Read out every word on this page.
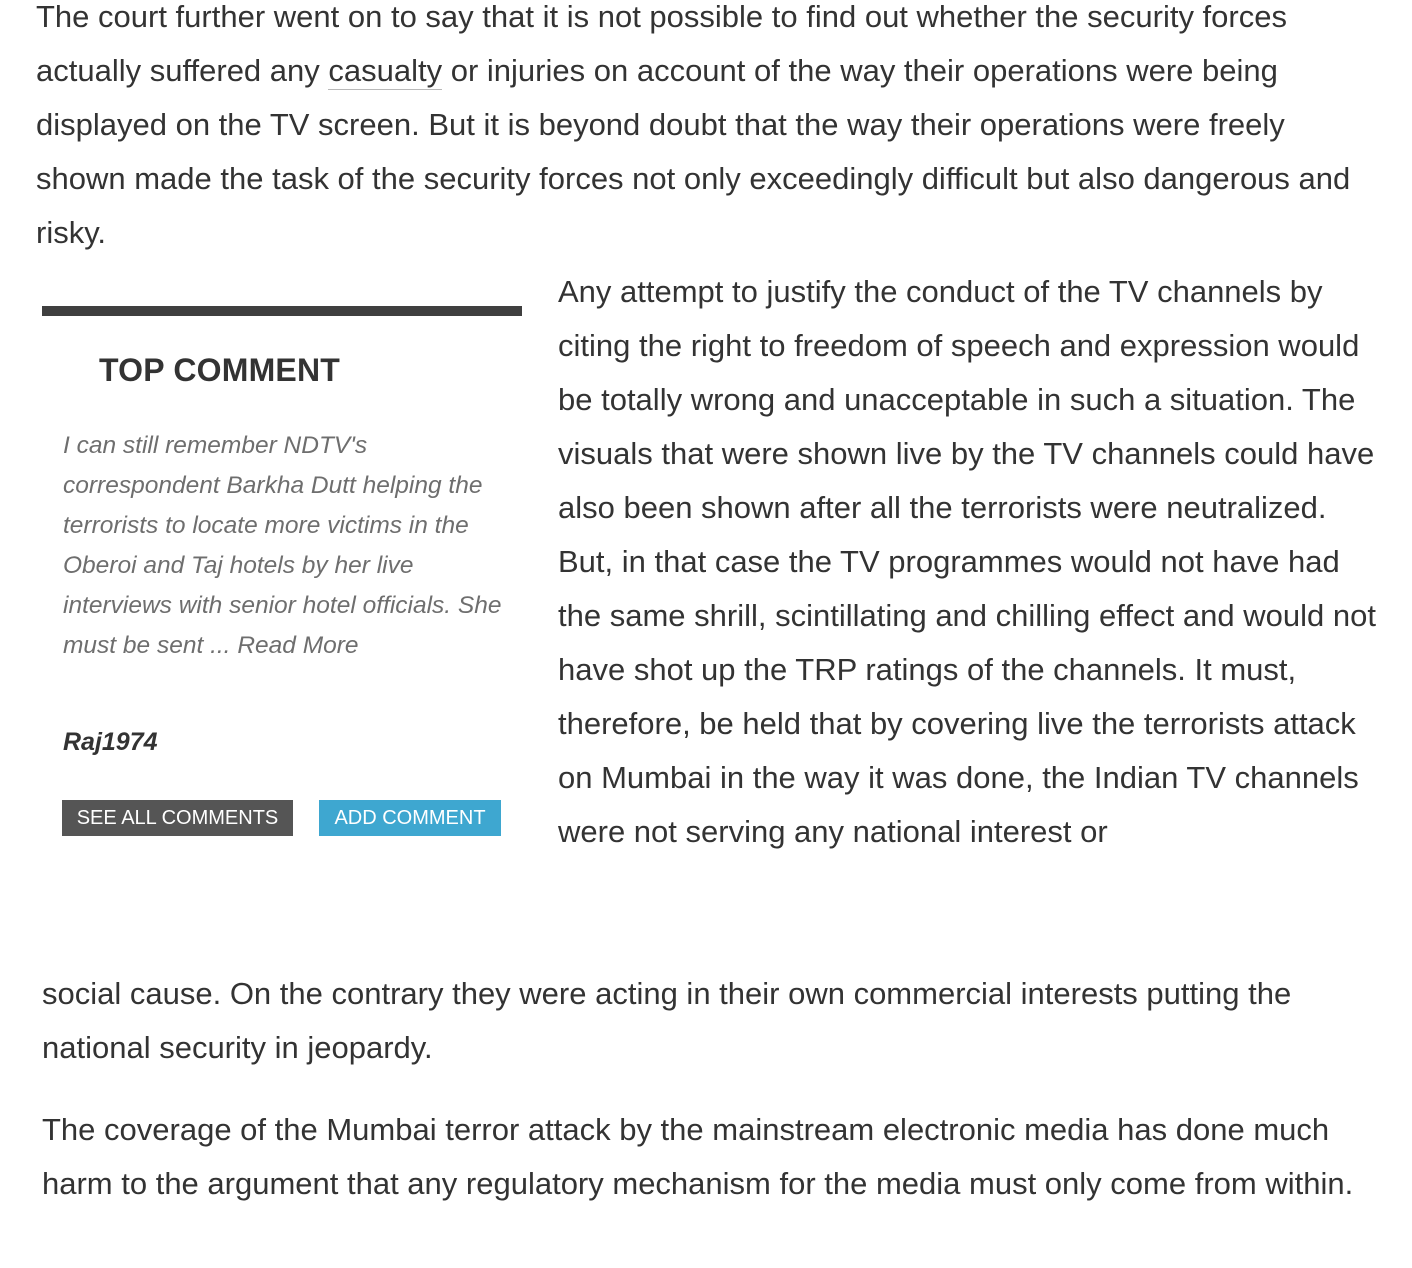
The court further went on to say that it is not possible to find out whether the security forces actually suffered any casualty or injuries on account of the way their operations were being displayed on the TV screen. But it is beyond doubt that the way their operations were freely shown made the task of the security forces not only exceedingly difficult but also dangerous and risky.

TOP COMMENT

I can still remember NDTV's correspondent Barkha Dutt helping the terrorists to locate more victims in the Oberoi and Taj hotels by her live interviews with senior hotel officials. She must be sent ... Read More

Raj1974

SEE ALL COMMENTS	ADD COMMENT

Any attempt to justify the conduct of the TV channels by citing the right to freedom of speech and expression would be totally wrong and unacceptable in such a situation. The visuals that were shown live by the TV channels could have also been shown after all the terrorists were neutralized. But, in that case the TV programmes would not have had the same shrill, scintillating and chilling effect and would not have shot up the TRP ratings of the channels. It must, therefore, be held that by covering live the terrorists attack on Mumbai in the way it was done, the Indian TV channels were not serving any national interest or

social cause. On the contrary they were acting in their own commercial interests putting the national security in jeopardy.

The coverage of the Mumbai terror attack by the mainstream electronic media has done much harm to the argument that any regulatory mechanism for the media must only come from within.
